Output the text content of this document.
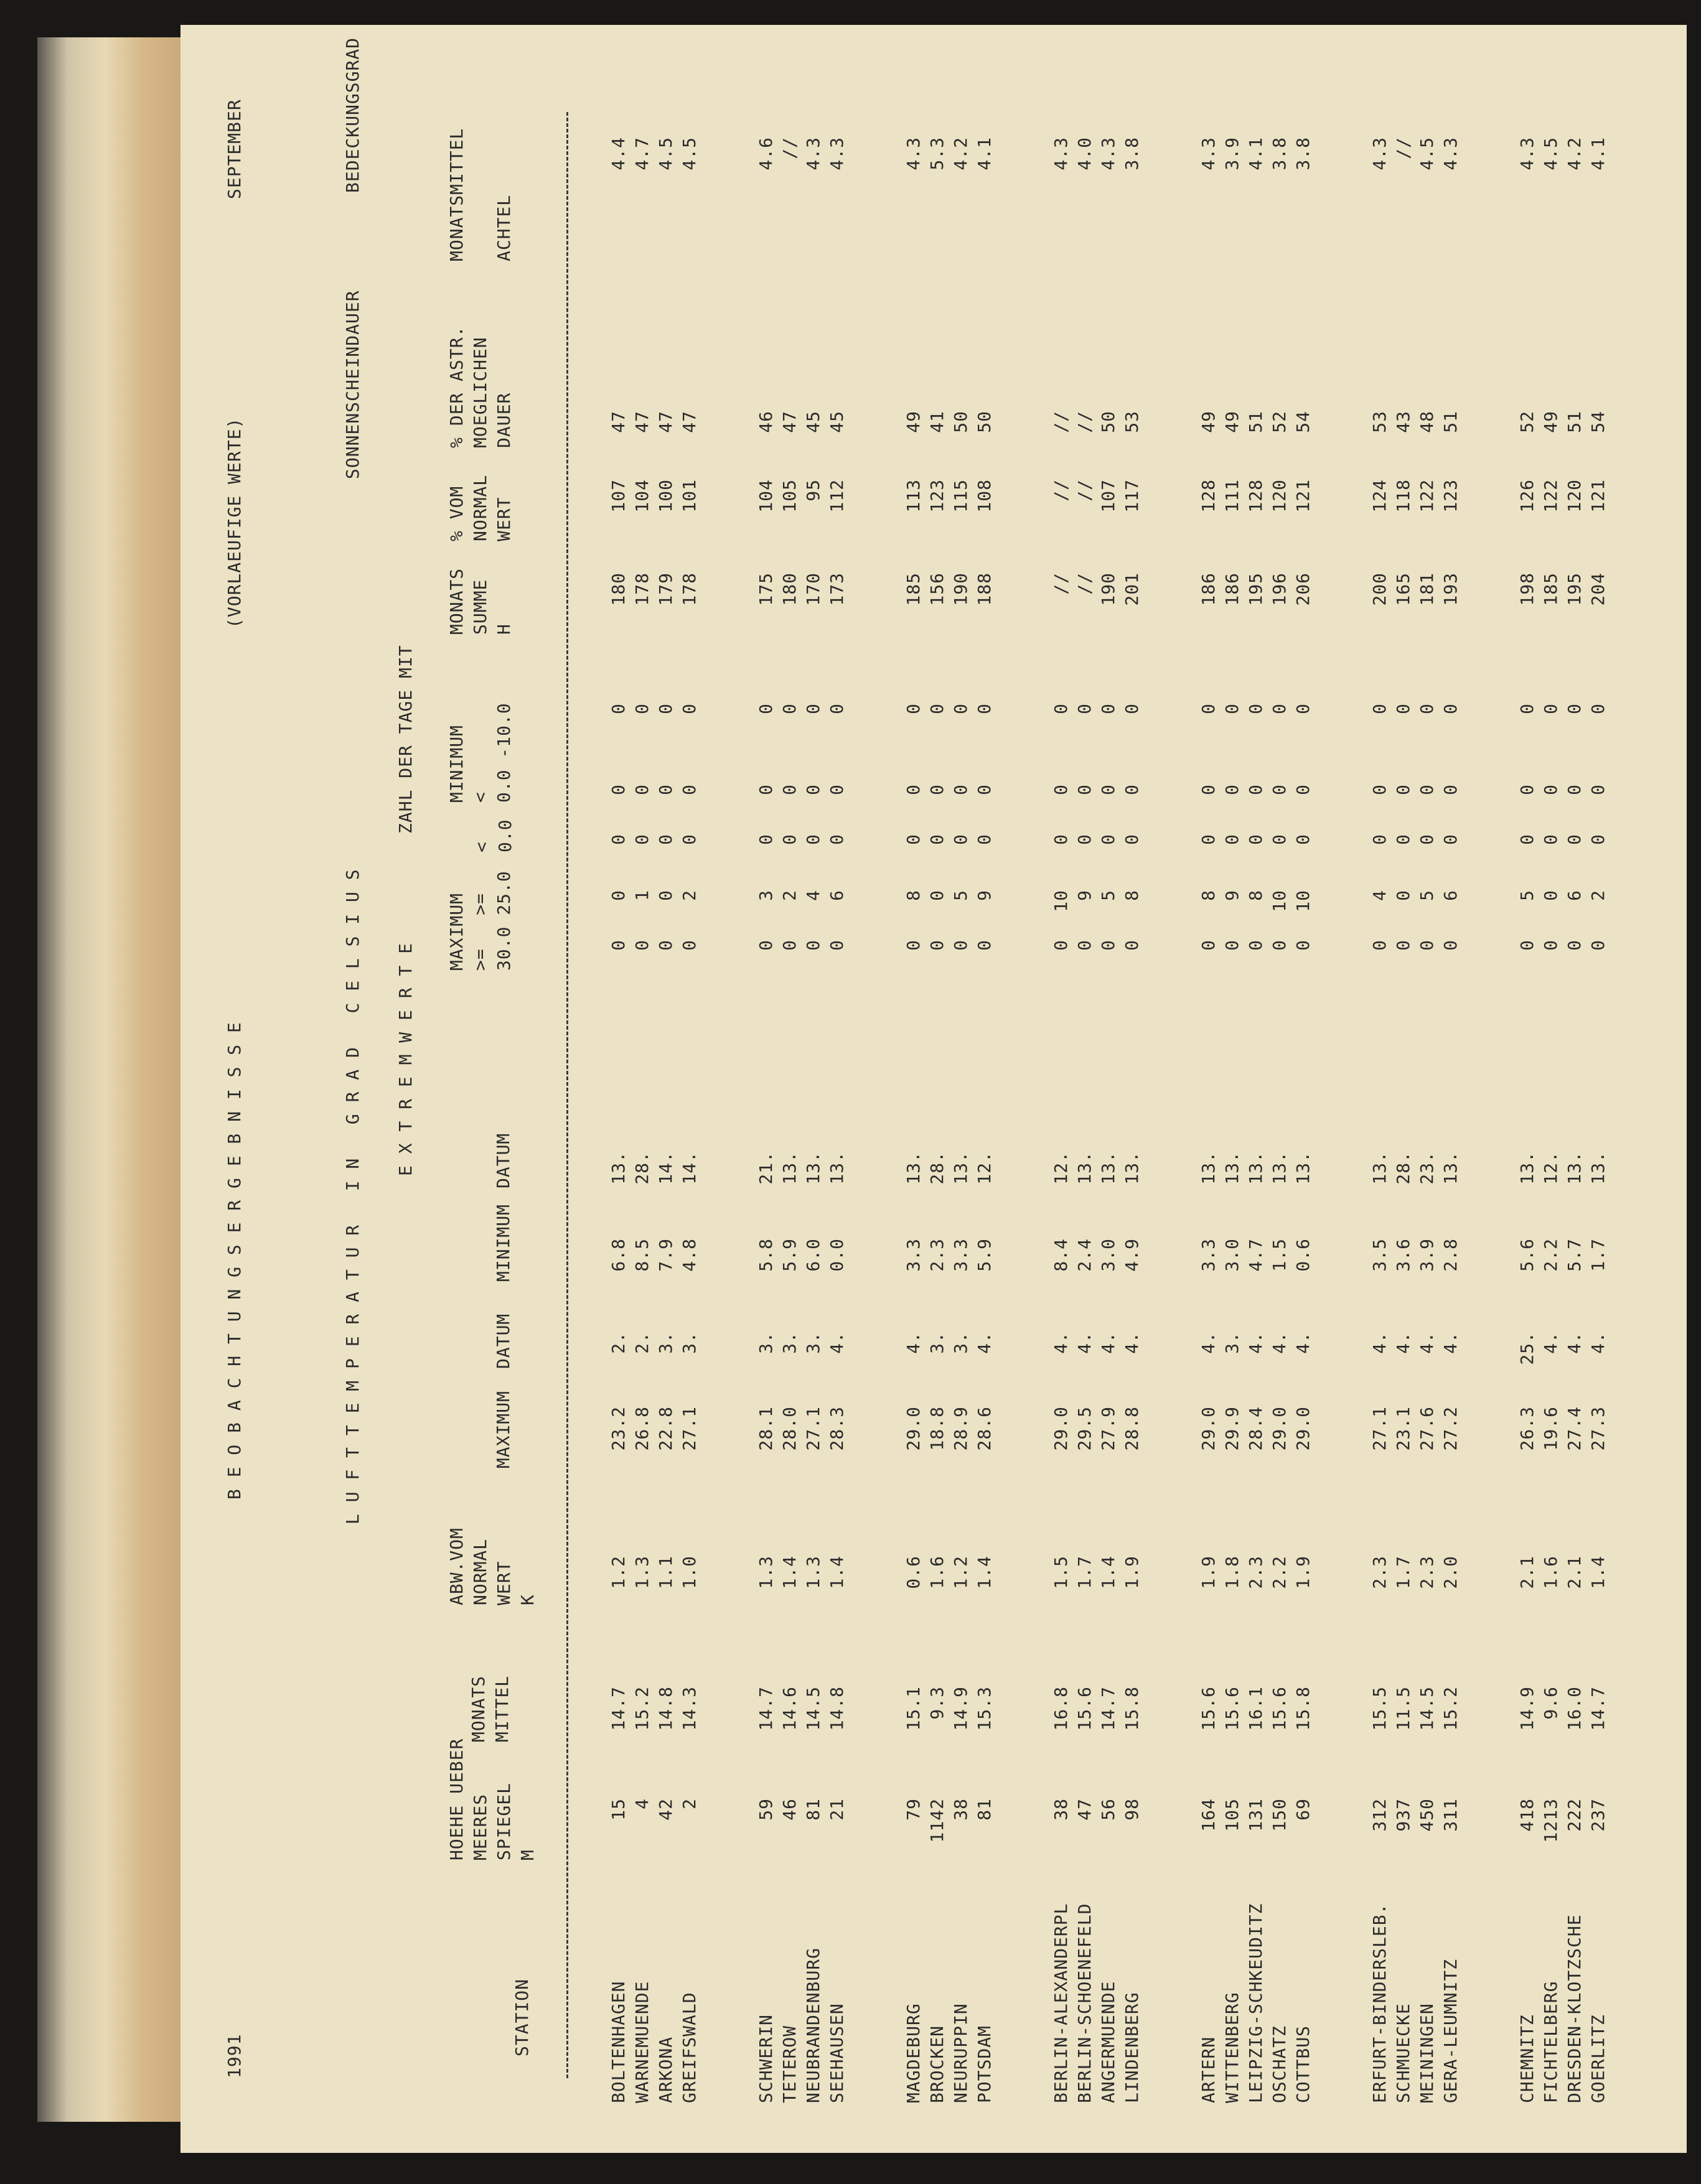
1991
B E O B A C H T U N G S E R G E B N I S S E
(VORLAEUFIGE WERTE)
SEPTEMBER
L U F T T E M P E R A T U R   I N   G R A D   C E L S I U S
SONNENSCHEINDAUER
BEDECKUNGSGRAD
E X T R E M W E R T E
ZAHL DER TAGE MIT
STATION
HOEHE UEBER
MEERES
SPIEGEL
M
MONATS
MITTEL
ABW.VOM
NORMAL
WERT
K
MAXIMUM
DATUM
MINIMUM
DATUM
MAXIMUM
>=   >=
30.0 25.0
<
0.0
MINIMUM
<
0.0 -10.0
MONATS
SUMME
H
% VOM
NORMAL
WERT
% DER ASTR.
MOEGLICHEN
DAUER
MONATSMITTEL

ACHTEL
BOLTENHAGEN
15
14.7
1.2
23.2
2.
6.8
13.
0
0
0
0
0
180
107
47
4.4
WARNEMUENDE
4
15.2
1.3
26.8
2.
8.5
28.
0
1
0
0
0
178
104
47
4.7
ARKONA
42
14.8
1.1
22.8
3.
7.9
14.
0
0
0
0
0
179
100
47
4.5
GREIFSWALD
2
14.3
1.0
27.1
3.
4.8
14.
0
2
0
0
0
178
101
47
4.5
SCHWERIN
59
14.7
1.3
28.1
3.
5.8
21.
0
3
0
0
0
175
104
46
4.6
TETEROW
46
14.6
1.4
28.0
3.
5.9
13.
0
2
0
0
0
180
105
47
//
NEUBRANDENBURG
81
14.5
1.3
27.1
3.
6.0
13.
0
4
0
0
0
170
95
45
4.3
SEEHAUSEN
21
14.8
1.4
28.3
4.
0.0
13.
0
6
0
0
0
173
112
45
4.3
MAGDEBURG
79
15.1
0.6
29.0
4.
3.3
13.
0
8
0
0
0
185
113
49
4.3
BROCKEN
1142
9.3
1.6
18.8
3.
2.3
28.
0
0
0
0
0
156
123
41
5.3
NEURUPPIN
38
14.9
1.2
28.9
3.
3.3
13.
0
5
0
0
0
190
115
50
4.2
POTSDAM
81
15.3
1.4
28.6
4.
5.9
12.
0
9
0
0
0
188
108
50
4.1
BERLIN-ALEXANDERPL
38
16.8
1.5
29.0
4.
8.4
12.
0
10
0
0
0
//
//
//
4.3
BERLIN-SCHOENEFELD
47
15.6
1.7
29.5
4.
2.4
13.
0
9
0
0
0
//
//
//
4.0
ANGERMUENDE
56
14.7
1.4
27.9
4.
3.0
13.
0
5
0
0
0
190
107
50
4.3
LINDENBERG
98
15.8
1.9
28.8
4.
4.9
13.
0
8
0
0
0
201
117
53
3.8
ARTERN
164
15.6
1.9
29.0
4.
3.3
13.
0
8
0
0
0
186
128
49
4.3
WITTENBERG
105
15.6
1.8
29.9
3.
3.0
13.
0
9
0
0
0
186
111
49
3.9
LEIPZIG-SCHKEUDITZ
131
16.1
2.3
28.4
4.
4.7
13.
0
8
0
0
0
195
128
51
4.1
OSCHATZ
150
15.6
2.2
29.0
4.
1.5
13.
0
10
0
0
0
196
120
52
3.8
COTTBUS
69
15.8
1.9
29.0
4.
0.6
13.
0
10
0
0
0
206
121
54
3.8
ERFURT-BINDERSLEB.
312
15.5
2.3
27.1
4.
3.5
13.
0
4
0
0
0
200
124
53
4.3
SCHMUECKE
937
11.5
1.7
23.1
4.
3.6
28.
0
0
0
0
0
165
118
43
//
MEININGEN
450
14.5
2.3
27.6
4.
3.9
23.
0
5
0
0
0
181
122
48
4.5
GERA-LEUMNITZ
311
15.2
2.0
27.2
4.
2.8
13.
0
6
0
0
0
193
123
51
4.3
CHEMNITZ
418
14.9
2.1
26.3
25.
5.6
13.
0
5
0
0
0
198
126
52
4.3
FICHTELBERG
1213
9.6
1.6
19.6
4.
2.2
12.
0
0
0
0
0
185
122
49
4.5
DRESDEN-KLOTZSCHE
222
16.0
2.1
27.4
4.
5.7
13.
0
6
0
0
0
195
120
51
4.2
GOERLITZ
237
14.7
1.4
27.3
4.
1.7
13.
0
2
0
0
0
204
121
54
4.1
